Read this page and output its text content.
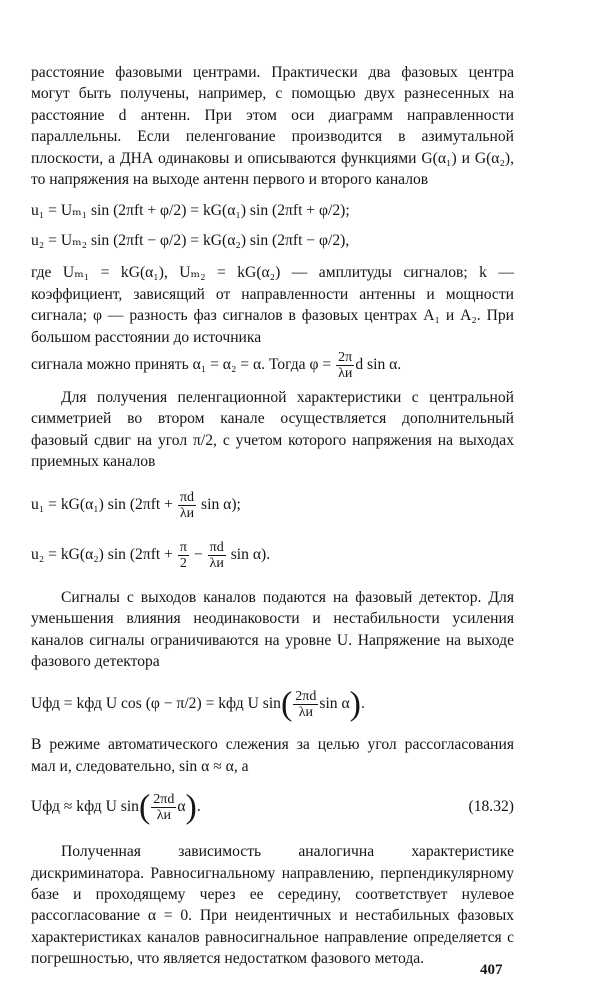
расстояние фазовыми центрами. Практически два фазовых центра могут быть получены, например, с помощью двух разнесенных на расстояние d антенн. При этом оси диаграмм направленности параллельны. Если пеленгование производится в азимутальной плоскости, а ДНА одинаковы и описываются функциями G(α₁) и G(α₂), то напряжения на выходе антенн первого и второго каналов

u₁ = Uₘ₁ sin (2πft + φ/2) = kG(α₁) sin (2πft + φ/2);
u₂ = Uₘ₂ sin (2πft − φ/2) = kG(α₂) sin (2πft − φ/2),

где Uₘ₁ = kG(α₁), Uₘ₂ = kG(α₂) — амплитуды сигналов; k — коэффициент, зависящий от направленности антенны и мощности сигнала; φ — разность фаз сигналов в фазовых центрах A₁ и A₂. При большом расстоянии до источника

сигнала можно принять α₁ = α₂ = α. Тогда $\varphi = \frac{2\pi}{\lambda и}$ d sin α.

Для получения пеленгационной характеристики с центральной симметрией во втором канале осуществляется дополнительный фазовый сдвиг на угол π/2, с учетом которого напряжения на выходах приемных каналов

u₁ = kG(α₁) $\sin (2\pi ft + \frac{\pi d}{\lambda и}$ sin α);
u₂ = kG(α₂) $\sin (2\pi ft + \frac{\pi}{2} - \frac{\pi d}{\lambda и}$ sin α).

Сигналы с выходов каналов подаются на фазовый детектор. Для уменьшения влияния неодинаковости и нестабильности усиления каналов сигналы ограничиваются на уровне U. Напряжение на выходе фазового детектора

Uфд = kфд U cos (φ − π/2) = kфд U $\sin( \frac{2\pi d}{\lambda и}$ sin α).

В режиме автоматического слежения за целью угол рассогласования мал и, следовательно, sin α ≈ α, а

Uфд ≈ kфд U $\sin( \frac{2\pi d}{\lambda и} \alpha)$.	(18.32)

Полученная зависимость аналогична характеристике дискриминатора. Равносигнальному направлению, перпендикулярному базе и проходящему через ее середину, соответствует нулевое рассогласование α = 0. При неидентичных и нестабильных фазовых характеристиках каналов равносигнальное направление определяется с погрешностью, что является недостатком фазового метода.

407
